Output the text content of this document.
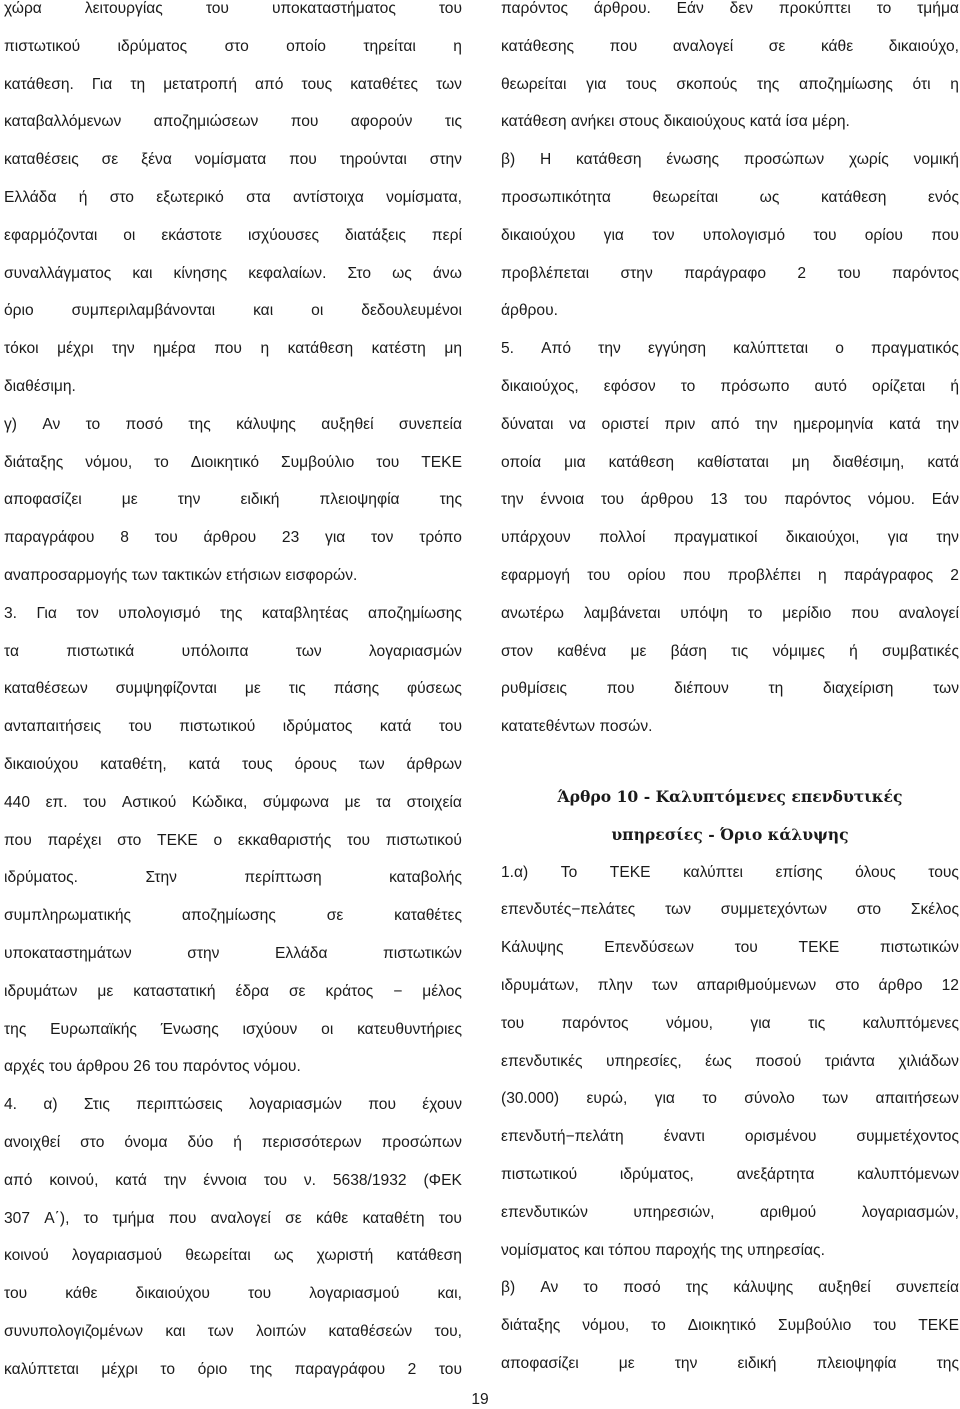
χώρα	λειτουργίας	του	υποκαταστήματος	του
πιστωτικού ιδρύματος στο οποίο τηρείται η
κατάθεση. Για τη μετατροπή από τους καταθέτες των
καταβαλλόμενων αποζημιώσεων που αφορούν τις
καταθέσεις σε ξένα νομίσματα που τηρούνται στην
Ελλάδα ή στο εξωτερικό στα αντίστοιχα νομίσματα,
εφαρμόζονται οι εκάστοτε ισχύουσες διατάξεις περί
συναλλάγματος και κίνησης κεφαλαίων. Στο ως άνω
όριο συμπεριλαμβάνονται και οι δεδουλευμένοι
τόκοι μέχρι την ημέρα που η κατάθεση κατέστη μη
διαθέσιμη.
γ) Αν το ποσό της κάλυψης αυξηθεί συνεπεία
διάταξης νόμου, το Διοικητικό Συμβούλιο του ΤΕΚΕ
αποφασίζει	με	την	ειδική	πλειοψηφία	της
παραγράφου 8 του άρθρου 23 για τον τρόπο
αναπροσαρμογής των τακτικών ετήσιων εισφορών.
3. Για τον υπολογισμό της καταβλητέας αποζημίωσης
τα	πιστωτικά	υπόλοιπα	των	λογαριασμών
καταθέσεων συμψηφίζονται με τις πάσης φύσεως
ανταπαιτήσεις του πιστωτικού ιδρύματος κατά του
δικαιούχου καταθέτη, κατά τους όρους των άρθρων
440 επ. του Αστικού Κώδικα, σύμφωνα με τα στοιχεία
που παρέχει στο ΤΕΚΕ ο εκκαθαριστής του πιστωτικού
ιδρύματος.	Στην	περίπτωση	καταβολής
συμπληρωματικής	αποζημίωσης	σε	καταθέτες
υποκαταστημάτων	στην	Ελλάδα	πιστωτικών
ιδρυμάτων με καταστατική έδρα σε κράτος − μέλος
της Ευρωπαϊκής Ένωσης ισχύουν οι κατευθυντήριες
αρχές του άρθρου 26 του παρόντος νόμου.
4. α) Στις περιπτώσεις λογαριασμών που έχουν
ανοιχθεί στο όνομα δύο ή περισσότερων προσώπων
από κοινού, κατά την έννοια του ν. 5638/1932 (ΦΕΚ
307 Α΄), το τμήμα που αναλογεί σε κάθε καταθέτη του
κοινού λογαριασμού θεωρείται ως χωριστή κατάθεση
του κάθε δικαιούχου του λογαριασμού και,
συνυπολογιζομένων και των λοιπών καταθέσεών του,
καλύπτεται μέχρι το όριο της παραγράφου 2 του
παρόντος άρθρου. Εάν δεν προκύπτει το τμήμα
κατάθεσης που αναλογεί σε κάθε δικαιούχο,
θεωρείται για τους σκοπούς της αποζημίωσης ότι η
κατάθεση ανήκει στους δικαιούχους κατά ίσα μέρη.
β) Η κατάθεση ένωσης προσώπων χωρίς νομική
προσωπικότητα	θεωρείται	ως	κατάθεση	ενός
δικαιούχου για τον υπολογισμό του ορίου που
προβλέπεται στην παράγραφο 2 του παρόντος
άρθρου.
5. Από την εγγύηση καλύπτεται ο πραγματικός
δικαιούχος, εφόσον το πρόσωπο αυτό ορίζεται ή
δύναται να οριστεί πριν από την ημερομηνία κατά την
οποία μια κατάθεση καθίσταται μη διαθέσιμη, κατά
την έννοια του άρθρου 13 του παρόντος νόμου. Εάν
υπάρχουν πολλοί πραγματικοί δικαιούχοι, για την
εφαρμογή του ορίου που προβλέπει η παράγραφος 2
ανωτέρω λαμβάνεται υπόψη το μερίδιο που αναλογεί
στον καθένα με βάση τις νόμιμες ή συμβατικές
ρυθμίσεις	που	διέπουν	τη	διαχείριση	των
κατατεθέντων ποσών.
Άρθρο 10 - Καλυπτόμενες επενδυτικές
υπηρεσίες - Όριο κάλυψης
1.α) Το ΤΕΚΕ καλύπτει επίσης όλους τους
επενδυτές−πελάτες των συμμετεχόντων στο Σκέλος
Κάλυψης	Επενδύσεων	του	ΤΕΚΕ	πιστωτικών
ιδρυμάτων, πλην των απαριθμούμενων στο άρθρο 12
του παρόντος νόμου, για τις καλυπτόμενες
επενδυτικές υπηρεσίες, έως ποσού τριάντα χιλιάδων
(30.000) ευρώ, για το σύνολο των απαιτήσεων
επενδυτή−πελάτη	έναντι	ορισμένου	συμμετέχοντος
πιστωτικού	ιδρύματος,	ανεξάρτητα	καλυπτόμενων
επενδυτικών	υπηρεσιών,	αριθμού	λογαριασμών,
νομίσματος και τόπου παροχής της υπηρεσίας.
β) Αν το ποσό της κάλυψης αυξηθεί συνεπεία
διάταξης νόμου, το Διοικητικό Συμβούλιο του ΤΕΚΕ
αποφασίζει	με	την	ειδική	πλειοψηφία	της
19
